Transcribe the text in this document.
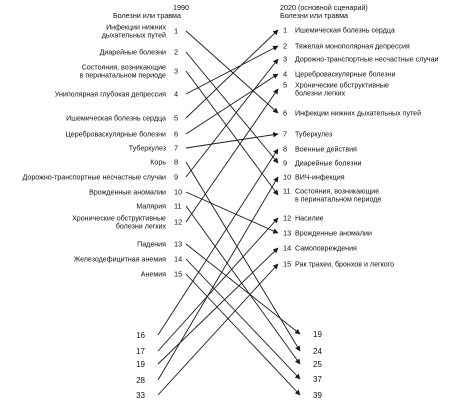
1990
Болезни или травма
2020 (основной сценарий)
Болезни или травма
Инфекции нижних
дыхательных путей
1
Диарейные болезни 2
Состояния, возникающие
в перинатальном периоде
3
Униполярная глубокая депрессия 4
Ишемическая болезнь сердца 5
Цереброваскулярные болезни 6
Туберкулез 7
Корь 8
Дорожно-транспортные несчастные случаи 9
Врожденные аномалии 10
Малярия 11
Хронические обструктивные
болезни легких
12
Падения 13
Железодефицитная анемия 14
Анемия 15
1 Ишемическая болезнь сердца
2 Тяжелая монополярная депрессия
3 Дорожно-транспортные несчастные случаи
4 Цереброваскулярные болезни
5 Хронические обструктивные
болезни легких
6 Инфекции нижних дыхательных путей
7 Туберкулез
8 Военные действия
9 Диарейные болезни
10 ВИЧ-инфекция
11 Состояния, возникающие
в перинатальном периоде
12 Насилие
13 Врожденные аномалии
14 Самоповреждения
15 Рак трахеи, бронхов и легкого
16
17
19
28
33
19
24
25
37
39
